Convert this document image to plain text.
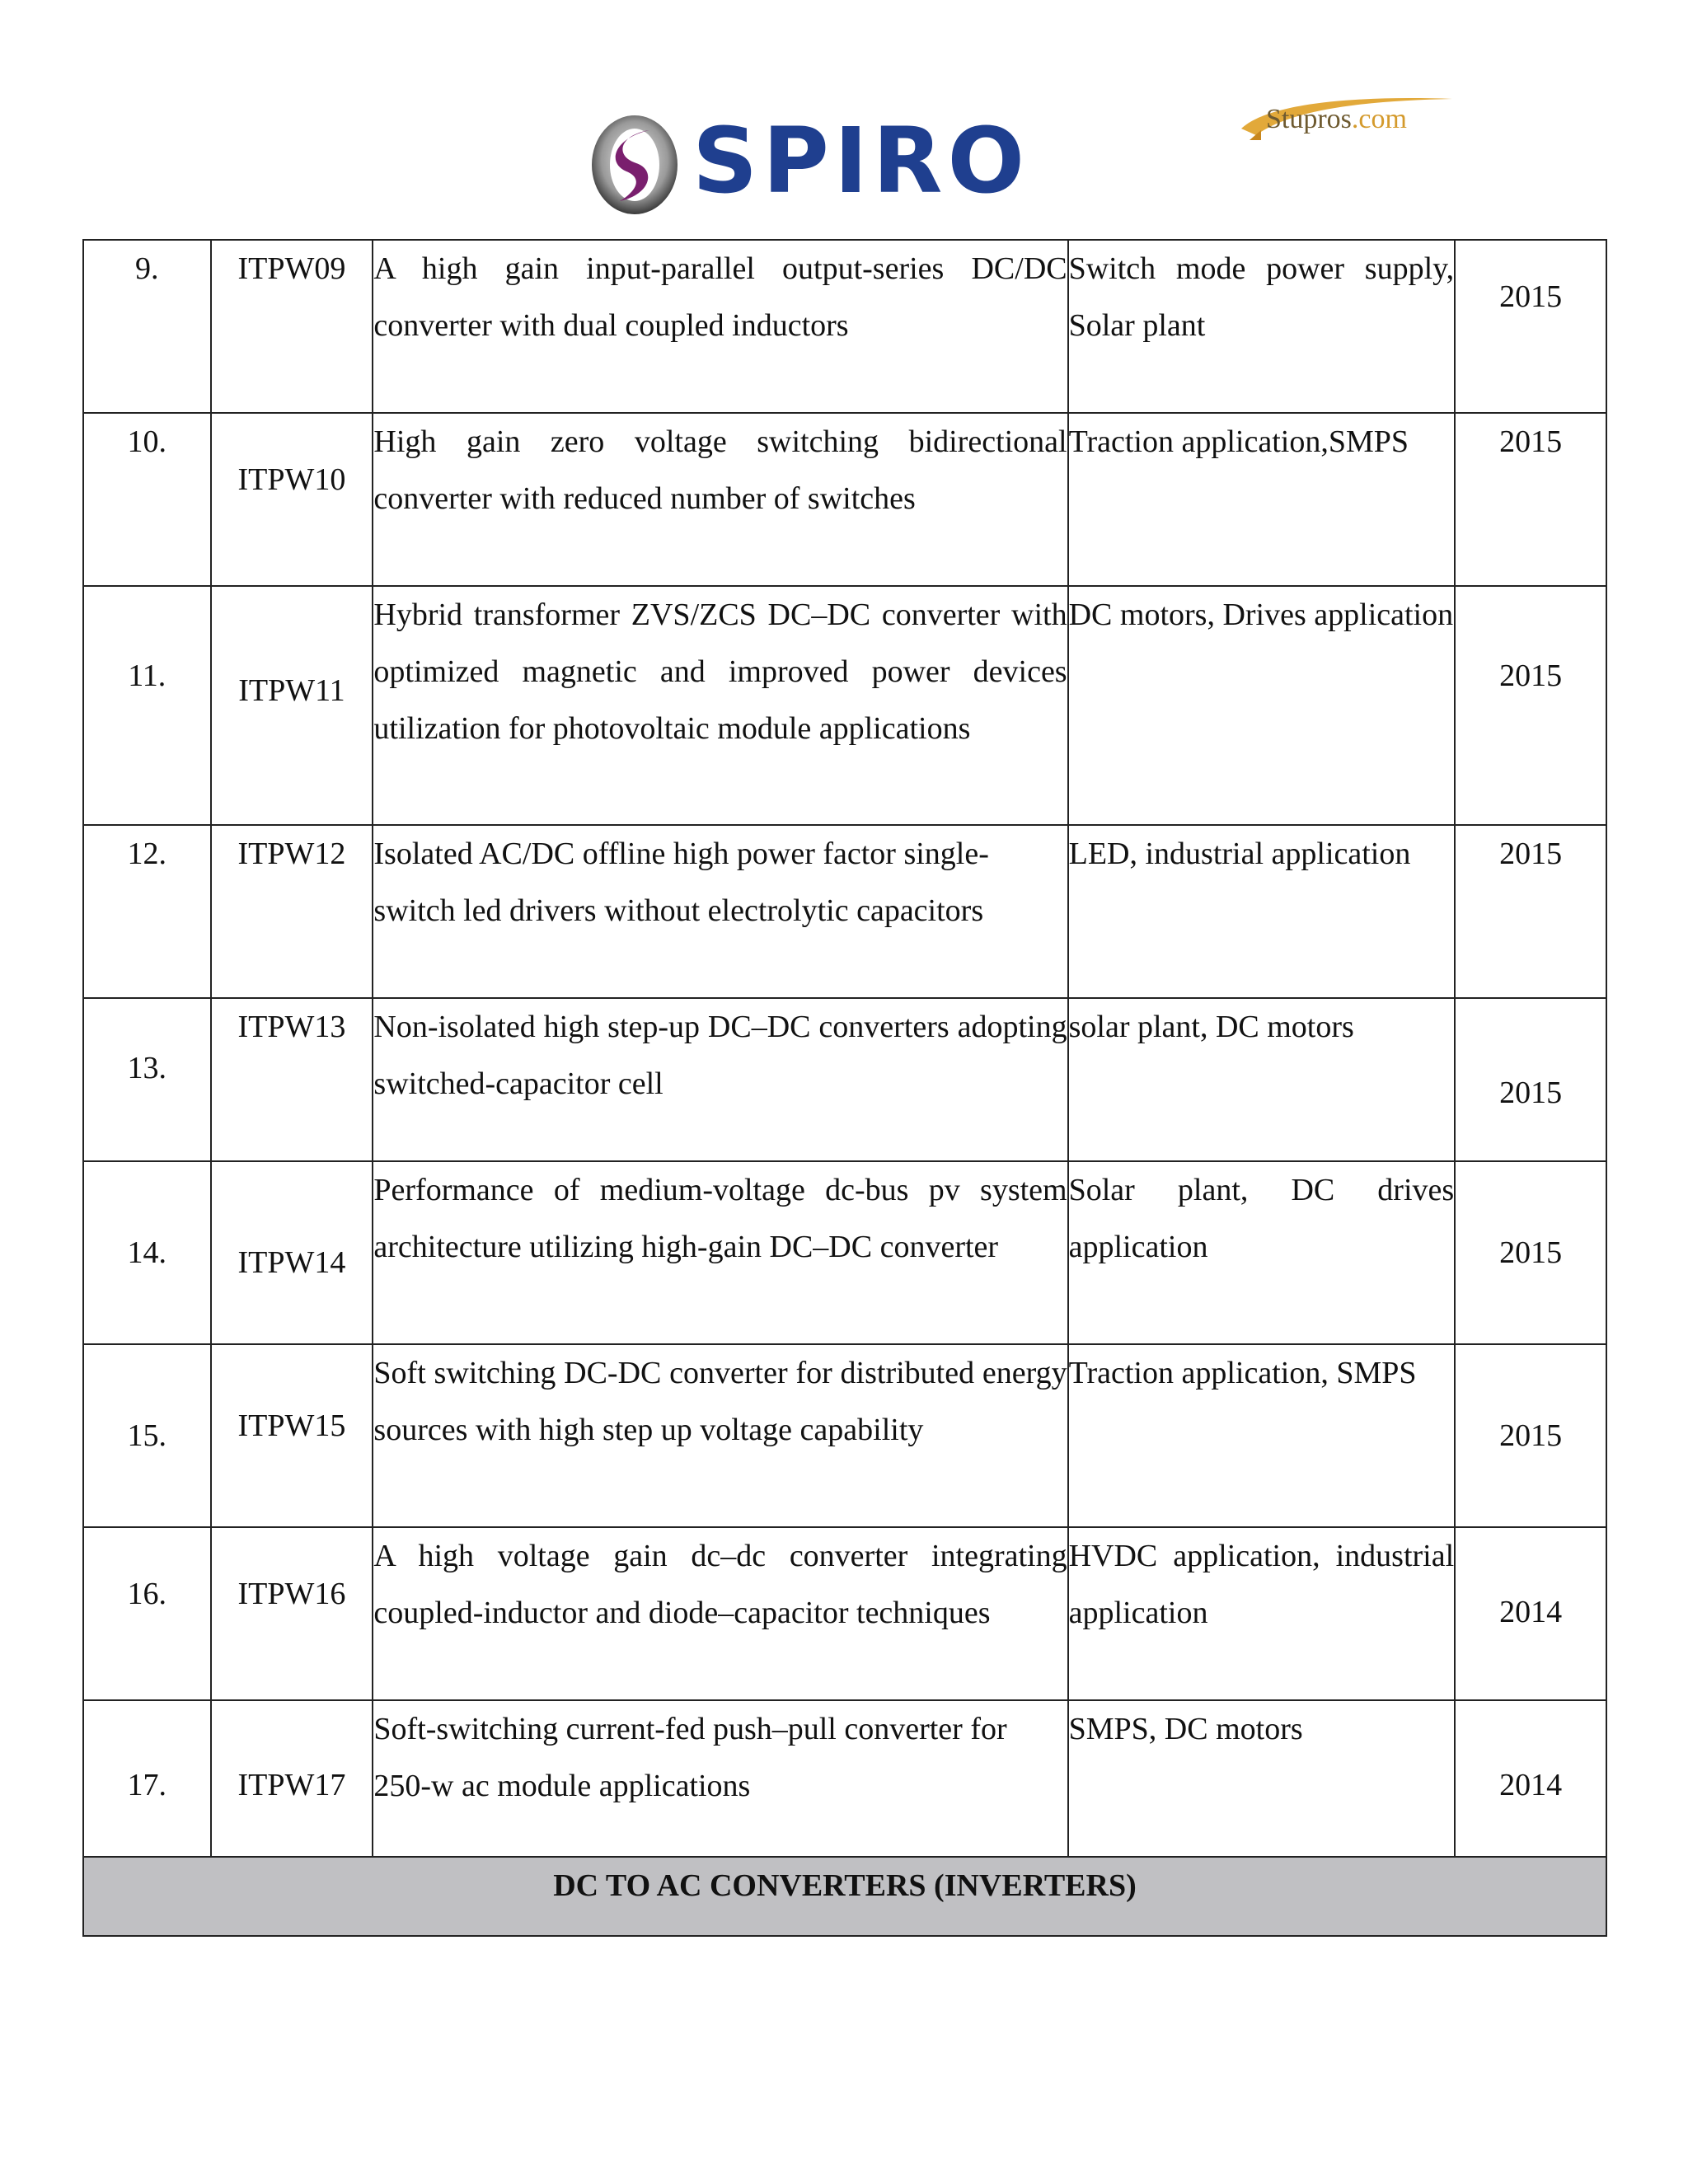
SPIRO	Stupros.com
9.	ITPW09	A high gain input-parallel output-series DC/DC converter with dual coupled inductors	Switch mode power supply, Solar plant	2015
10.	ITPW10	High gain zero voltage switching bidirectional converter with reduced number of switches	Traction application,SMPS	2015
11.	ITPW11	Hybrid transformer ZVS/ZCS DC–DC converter with optimized magnetic and improved power devices utilization for photovoltaic module applications	DC motors, Drives application	2015
12.	ITPW12	Isolated AC/DC offline high power factor single-switch led drivers without electrolytic capacitors	LED, industrial application	2015
13.	ITPW13	Non-isolated high step-up DC–DC converters adopting switched-capacitor cell	solar plant, DC motors	2015
14.	ITPW14	Performance of medium-voltage dc-bus pv system architecture utilizing high-gain DC–DC converter	Solar plant, DC drives application	2015
15.	ITPW15	Soft switching DC-DC converter for distributed energy sources with high step up voltage capability	Traction application, SMPS	2015
16.	ITPW16	A high voltage gain dc–dc converter integrating coupled-inductor and diode–capacitor techniques	HVDC application, industrial application	2014
17.	ITPW17	Soft-switching current-fed push–pull converter for 250-w ac module applications	SMPS, DC motors	2014
DC TO AC CONVERTERS (INVERTERS)				
